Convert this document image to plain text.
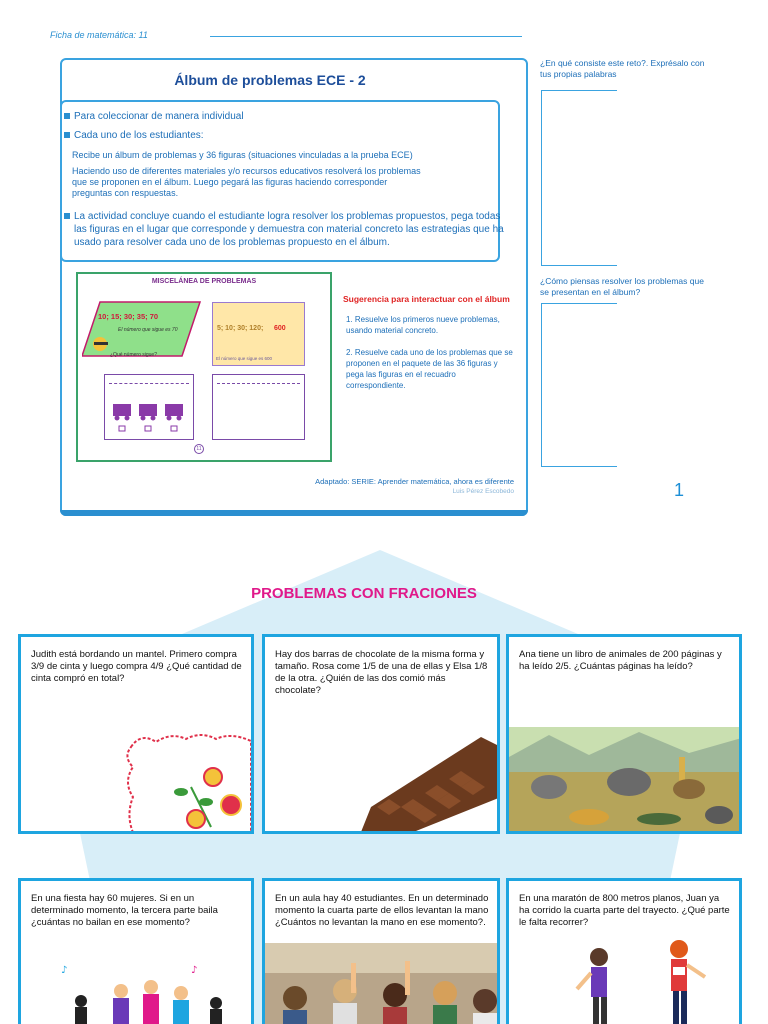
Ficha de matemática: 11
Álbum de problemas ECE - 2
Para coleccionar de manera individual
Cada uno de los estudiantes:
Recibe un álbum de problemas y 36 figuras (situaciones vinculadas a la prueba ECE)
Haciendo uso de diferentes materiales y/o recursos educativos resolverá los problemas
que se proponen en el álbum. Luego pegará las figuras haciendo corresponder
preguntas con respuestas.
La actividad concluye cuando el estudiante logra resolver los problemas propuestos, pega todas
las figuras en el lugar que corresponde y demuestra con material concreto las estrategias que ha
usado para resolver cada uno de los problemas propuesto en el álbum.
MISCELÁNEA DE PROBLEMAS
10; 15; 30; 35; 70
El número que sigue es 70
¿Qué número sigue?
5; 10; 30; 120; 600
El número que sigue es 600
11
Sugerencia para interactuar con el álbum
1. Resuelve los primeros nueve problemas, usando material concreto.
2. Resuelve cada uno de los problemas que se proponen en el paquete de las 36 figuras y pega las figuras en el recuadro correspondiente.
Adaptado: SERIE: Aprender matemática, ahora es diferente
Luis Pérez Escobedo
¿En qué consiste este reto?. Exprésalo con tus propias palabras
¿Cómo piensas resolver los problemas que se presentan en el álbum?
1
PROBLEMAS CON FRACIONES
Judith está bordando un mantel. Primero compra 3/9 de cinta y luego compra 4/9 ¿Qué cantidad de cinta compró en total?
Hay dos barras de chocolate de la misma forma y tamaño. Rosa come 1/5 de una de ellas y Elsa 1/8 de la otra. ¿Quién de las dos comió más chocolate?
Ana tiene un libro de animales de 200 páginas y ha leído 2/5. ¿Cuántas páginas ha leído?
En una fiesta hay 60 mujeres. Si en un determinado momento, la tercera parte baila ¿cuántas no bailan en ese momento?
♪
♪
En un aula hay 40 estudiantes. En un determinado momento la cuarta parte de ellos levantan la mano ¿Cuántos no levantan la mano en ese momento?.
En una maratón de 800 metros planos, Juan ya ha corrido la cuarta parte del trayecto. ¿Qué parte le falta recorrer?
